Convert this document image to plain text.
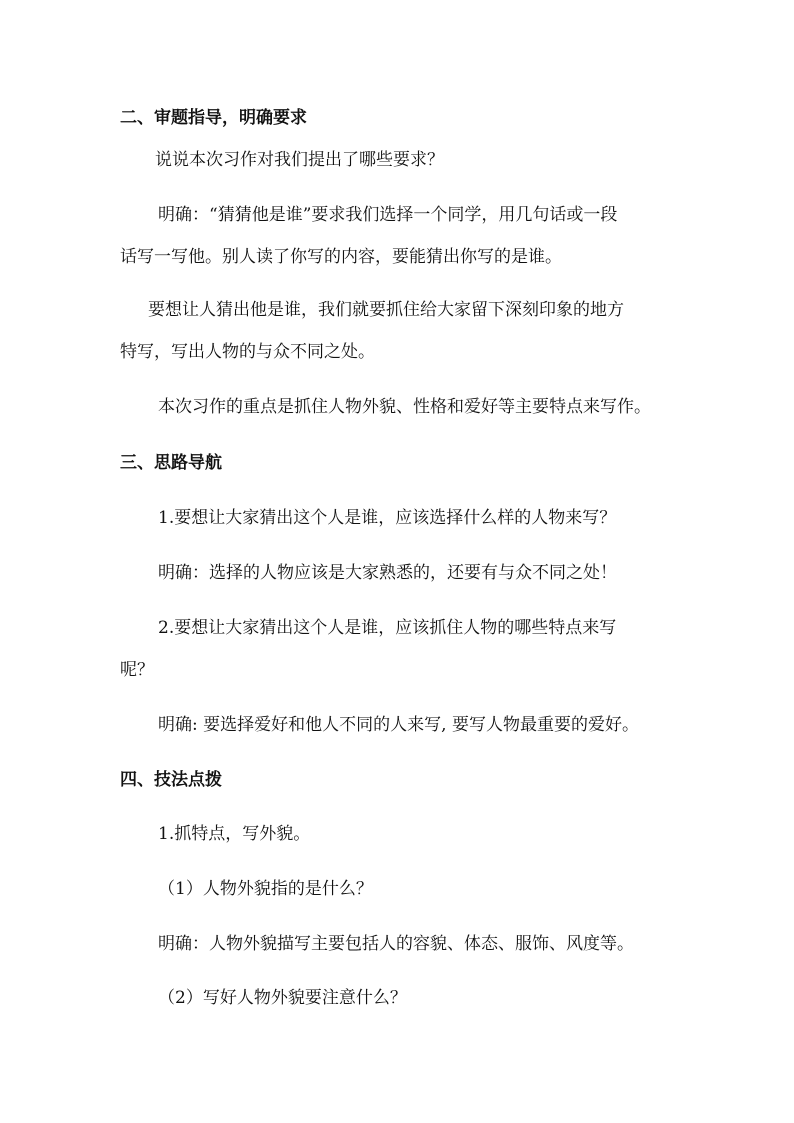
二、审题指导，明确要求
说说本次习作对我们提出了哪些要求？
明确：“猜猜他是谁”要求我们选择一个同学，用几句话或一段
话写一写他。别人读了你写的内容，要能猜出你写的是谁。
要想让人猜出他是谁，我们就要抓住给大家留下深刻印象的地方
特写，写出人物的与众不同之处。
本次习作的重点是抓住人物外貌、性格和爱好等主要特点来写作。
三、思路导航
1.要想让大家猜出这个人是谁，应该选择什么样的人物来写？
明确：选择的人物应该是大家熟悉的，还要有与众不同之处！
2.要想让大家猜出这个人是谁，应该抓住人物的哪些特点来写
呢？
明确: 要选择爱好和他人不同的人来写, 要写人物最重要的爱好。
四、技法点拨
1.抓特点，写外貌。
（1）人物外貌指的是什么？
明确：人物外貌描写主要包括人的容貌、体态、服饰、风度等。
（2）写好人物外貌要注意什么？
